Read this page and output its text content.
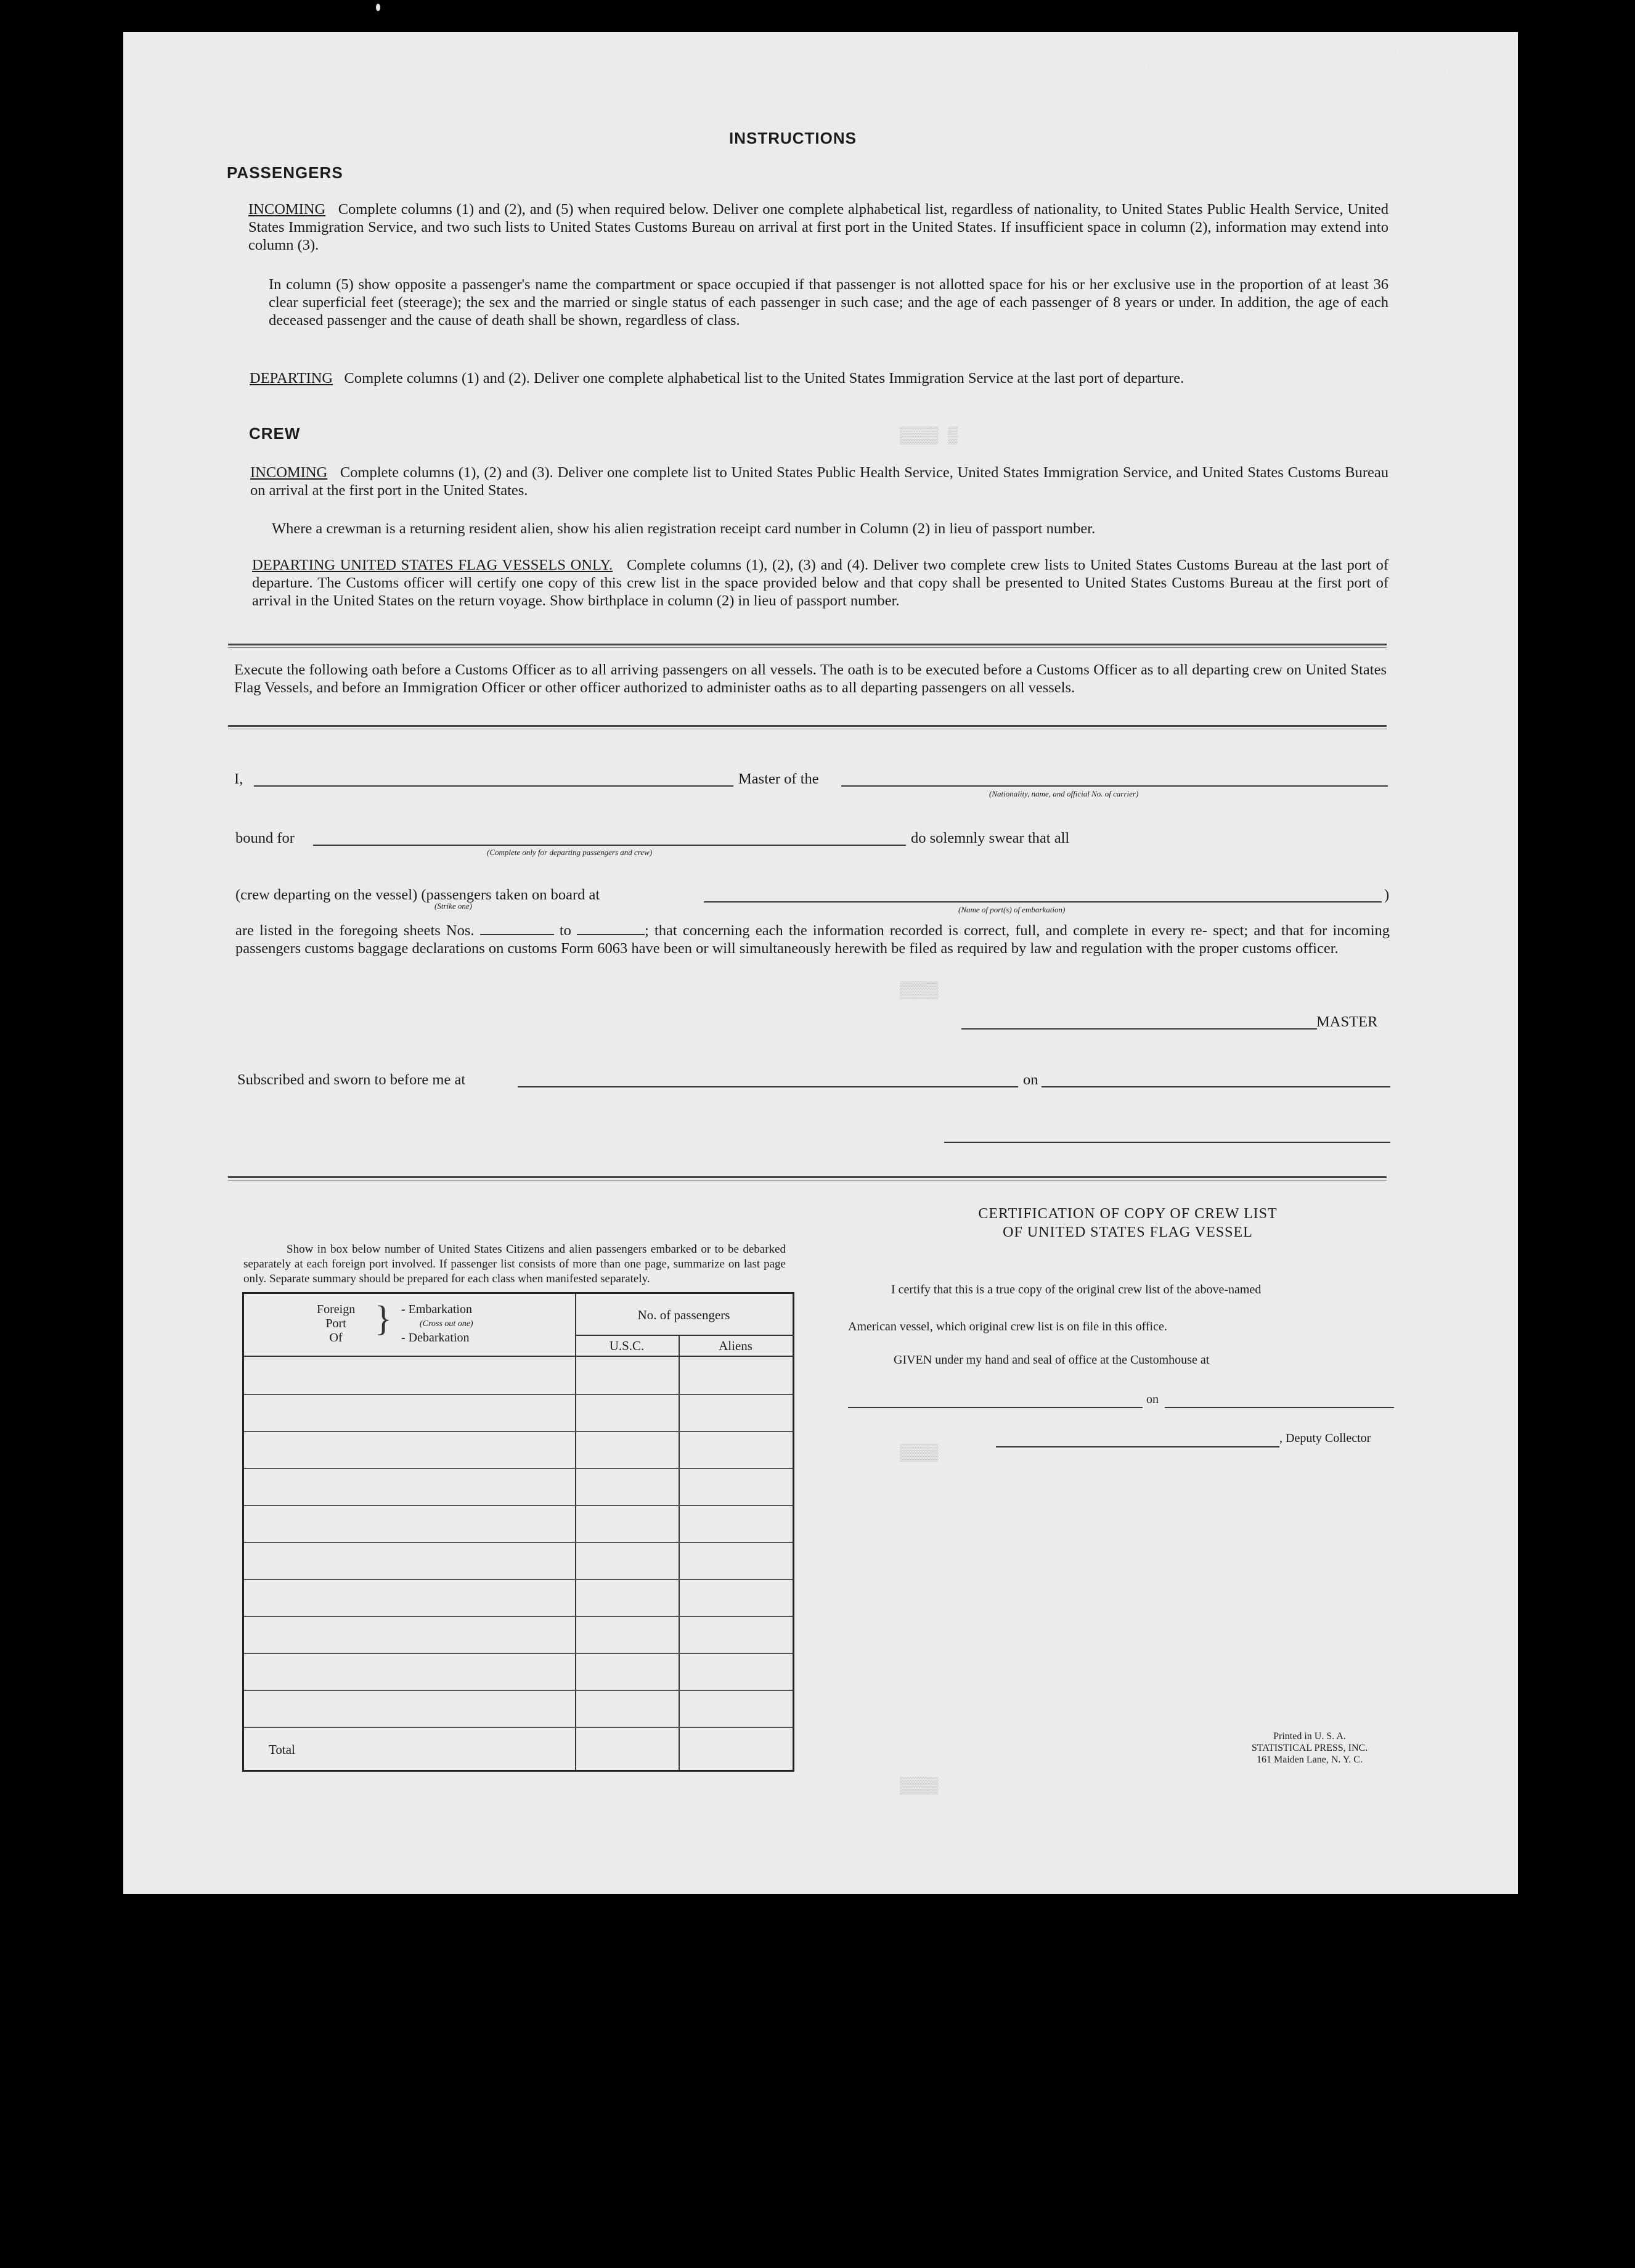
INSTRUCTIONS
PASSENGERS
INCOMING Complete columns (1) and (2), and (5) when required below. Deliver one complete alphabetical list, regardless of nationality, to United States Public Health Service, United States Immigration Service, and two such lists to United States Customs Bureau on arrival at first port in the United States. If insufficient space in column (2), information may extend into column (3).
In column (5) show opposite a passenger's name the compartment or space occupied if that passenger is not allotted space for his or her exclusive use in the proportion of at least 36 clear superficial feet (steerage); the sex and the married or single status of each passenger in such case; and the age of each passenger of 8 years or under. In addition, the age of each deceased passenger and the cause of death shall be shown, regardless of class.
DEPARTING Complete columns (1) and (2). Deliver one complete alphabetical list to the United States Immigration Service at the last port of departure.
CREW
INCOMING Complete columns (1), (2) and (3). Deliver one complete list to United States Public Health Service, United States Immigration Service, and United States Customs Bureau on arrival at the first port in the United States.
Where a crewman is a returning resident alien, show his alien registration receipt card number in Column (2) in lieu of passport number.
DEPARTING UNITED STATES FLAG VESSELS ONLY. Complete columns (1), (2), (3) and (4). Deliver two complete crew lists to United States Customs Bureau at the last port of departure. The Customs officer will certify one copy of this crew list in the space provided below and that copy shall be presented to United States Customs Bureau at the first port of arrival in the United States on the return voyage. Show birthplace in column (2) in lieu of passport number.
Execute the following oath before a Customs Officer as to all arriving passengers on all vessels. The oath is to be executed before a Customs Officer as to all departing crew on United States Flag Vessels, and before an Immigration Officer or other officer authorized to administer oaths as to all departing passengers on all vessels.
I,	Master of the
(Nationality, name, and official No. of carrier)
bound for
(Complete only for departing passengers and crew)
do solemnly swear that all
(crew departing on the vessel) (passengers taken on board at
(Strike one)
)
(Name of port(s) of embarkation)
are listed in the foregoing sheets Nos.	to	; that concerning each the information recorded is correct, full, and complete in every re- spect; and that for incoming passengers customs baggage declarations on customs Form 6063 have been or will simultaneously herewith be filed as required by law and regulation with the proper customs officer.
MASTER
Subscribed and sworn to before me at	on
Show in box below number of United States Citizens and alien passengers embarked or to be debarked separately at each foreign port involved. If passenger list consists of more than one page, summarize on last page only. Separate summary should be prepared for each class when manifested separately.
Foreign
Port
Of } - Embarkation
(Cross out one)
- Debarkation
No. of passengers
U.S.C.	Aliens
Total
CERTIFICATION OF COPY OF CREW LIST
OF UNITED STATES FLAG VESSEL
I certify that this is a true copy of the original crew list of the above-named
American vessel, which original crew list is on file in this office.
GIVEN under my hand and seal of office at the Customhouse at
on
, Deputy Collector
Printed in U. S. A.
STATISTICAL PRESS, INC.
161 Maiden Lane, N. Y. C.
▒▒▒▒ ▒
▒▒▒▒
▒▒▒▒
▒▒▒▒
